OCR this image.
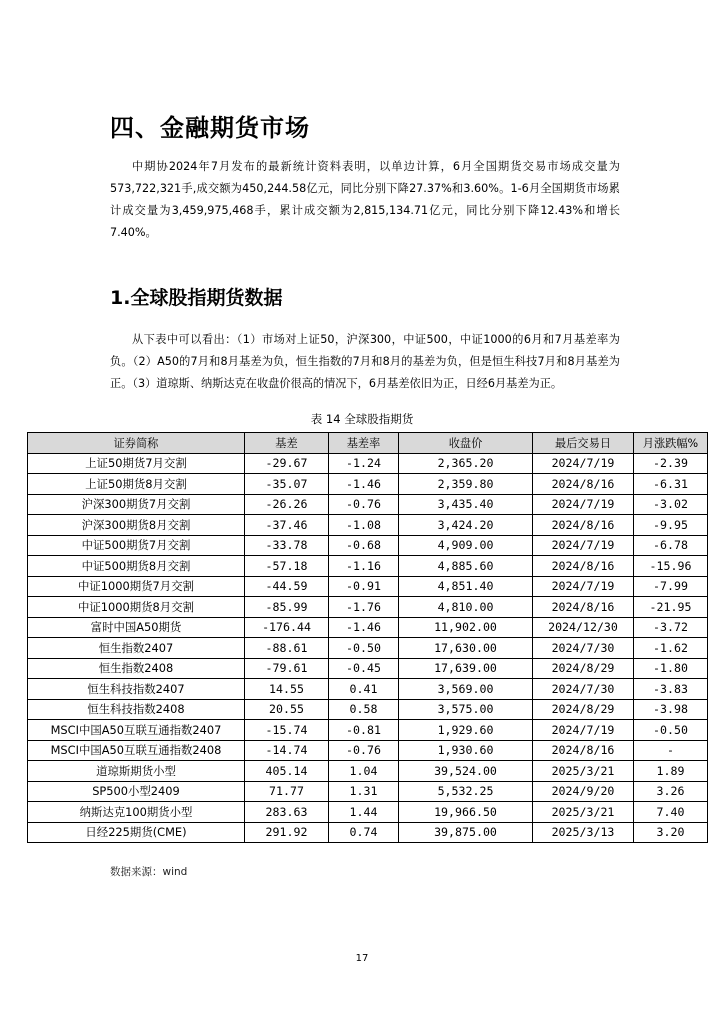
四、金融期货市场

中期协2024年7月发布的最新统计资料表明，以单边计算，6月全国期货交易市场成交量为573,722,321手,成交额为450,244.58亿元，同比分别下降27.37%和3.60%。1-6月全国期货市场累计成交量为3,459,975,468手，累计成交额为2,815,134.71亿元，同比分别下降12.43%和增长7.40%。

1.全球股指期货数据

从下表中可以看出：（1）市场对上证50，沪深300，中证500，中证1000的6月和7月基差率为负。（2）A50的7月和8月基差为负，恒生指数的7月和8月的基差为负，但是恒生科技7月和8月基差为正。（3）道琼斯、纳斯达克在收盘价很高的情况下，6月基差依旧为正，日经6月基差为正。

表 14 全球股指期货
证券简称	基差	基差率	收盘价	最后交易日	月涨跌幅%
上证50期货7月交割	-29.67	-1.24	2,365.20	2024/7/19	-2.39
上证50期货8月交割	-35.07	-1.46	2,359.80	2024/8/16	-6.31
沪深300期货7月交割	-26.26	-0.76	3,435.40	2024/7/19	-3.02
沪深300期货8月交割	-37.46	-1.08	3,424.20	2024/8/16	-9.95
中证500期货7月交割	-33.78	-0.68	4,909.00	2024/7/19	-6.78
中证500期货8月交割	-57.18	-1.16	4,885.60	2024/8/16	-15.96
中证1000期货7月交割	-44.59	-0.91	4,851.40	2024/7/19	-7.99
中证1000期货8月交割	-85.99	-1.76	4,810.00	2024/8/16	-21.95
富时中国A50期货	-176.44	-1.46	11,902.00	2024/12/30	-3.72
恒生指数2407	-88.61	-0.50	17,630.00	2024/7/30	-1.62
恒生指数2408	-79.61	-0.45	17,639.00	2024/8/29	-1.80
恒生科技指数2407	14.55	0.41	3,569.00	2024/7/30	-3.83
恒生科技指数2408	20.55	0.58	3,575.00	2024/8/29	-3.98
MSCI中国A50互联互通指数2407	-15.74	-0.81	1,929.60	2024/7/19	-0.50
MSCI中国A50互联互通指数2408	-14.74	-0.76	1,930.60	2024/8/16	-
道琼斯期货小型	405.14	1.04	39,524.00	2025/3/21	1.89
SP500小型2409	71.77	1.31	5,532.25	2024/9/20	3.26
纳斯达克100期货小型	283.63	1.44	19,966.50	2025/3/21	7.40
日经225期货(CME)	291.92	0.74	39,875.00	2025/3/13	3.20
数据来源：wind
17
